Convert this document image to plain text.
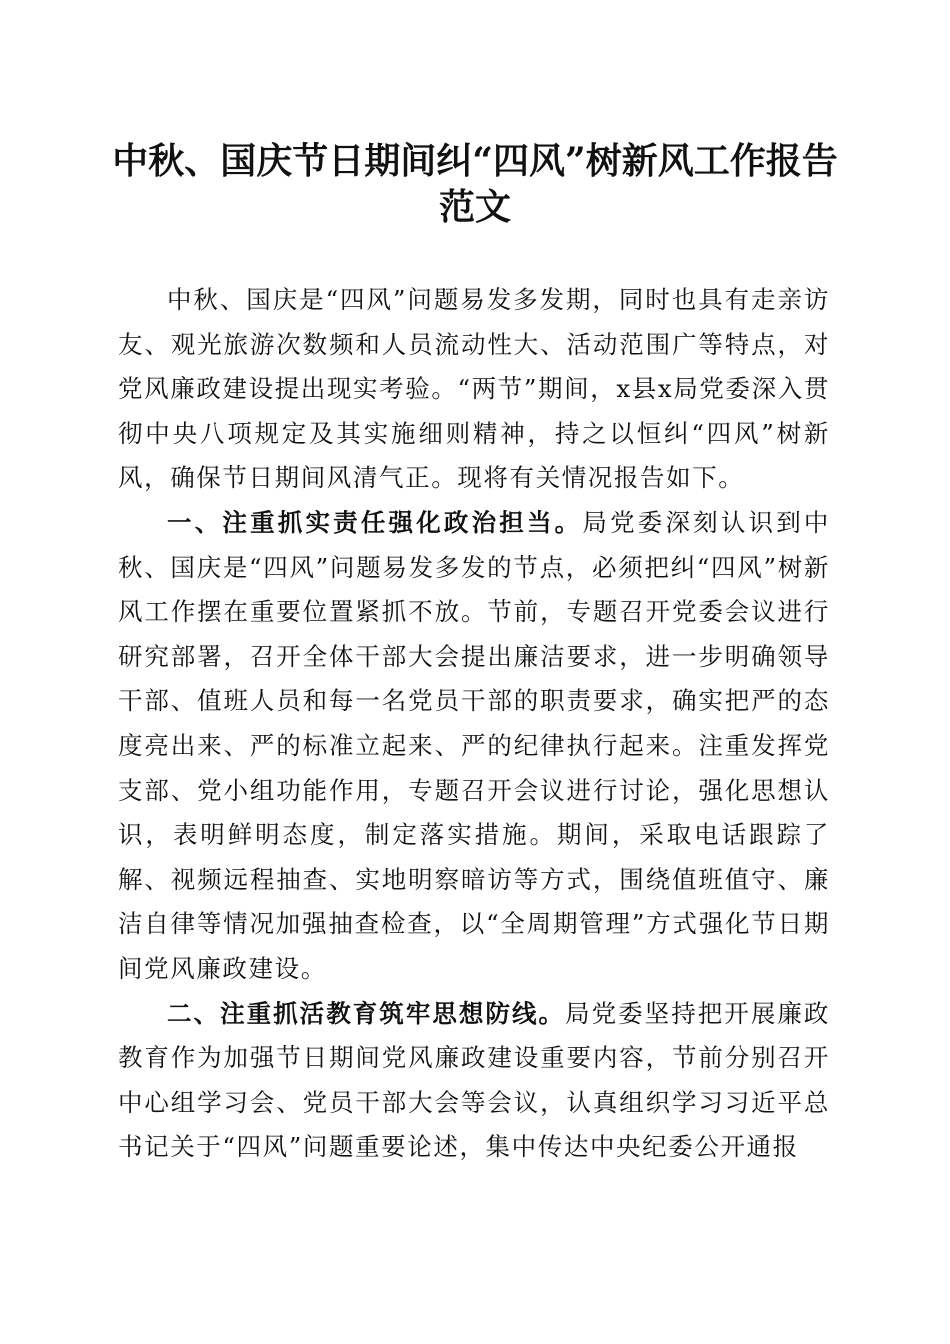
中秋、国庆节日期间纠“四风”树新风工作报告范文

中秋、国庆是“四风”问题易发多发期，同时也具有走亲访友、观光旅游次数频和人员流动性大、活动范围广等特点，对党风廉政建设提出现实考验。“两节”期间，x县x局党委深入贯彻中央八项规定及其实施细则精神，持之以恒纠“四风”树新风，确保节日期间风清气正。现将有关情况报告如下。

一、注重抓实责任强化政治担当。局党委深刻认识到中秋、国庆是“四风”问题易发多发的节点，必须把纠“四风”树新风工作摆在重要位置紧抓不放。节前，专题召开党委会议进行研究部署，召开全体干部大会提出廉洁要求，进一步明确领导干部、值班人员和每一名党员干部的职责要求，确实把严的态度亮出来、严的标准立起来、严的纪律执行起来。注重发挥党支部、党小组功能作用，专题召开会议进行讨论，强化思想认识，表明鲜明态度，制定落实措施。期间，采取电话跟踪了解、视频远程抽查、实地明察暗访等方式，围绕值班值守、廉洁自律等情况加强抽查检查，以“全周期管理”方式强化节日期间党风廉政建设。

二、注重抓活教育筑牢思想防线。局党委坚持把开展廉政教育作为加强节日期间党风廉政建设重要内容，节前分别召开中心组学习会、党员干部大会等会议，认真组织学习习近平总书记关于“四风”问题重要论述，集中传达中央纪委公开通报
